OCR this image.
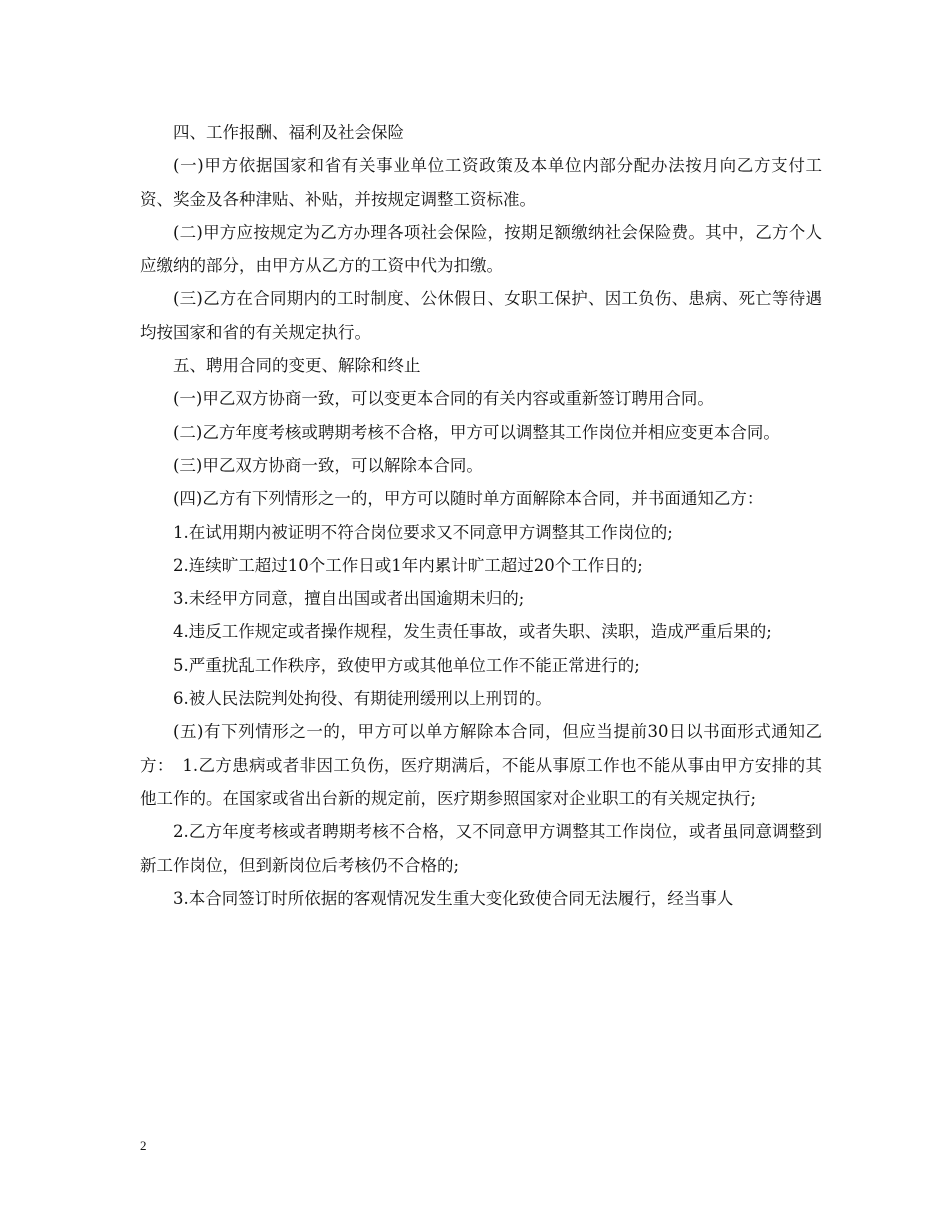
四、工作报酬、福利及社会保险

(一)甲方依据国家和省有关事业单位工资政策及本单位内部分配办法按月向乙方支付工资、奖金及各种津贴、补贴，并按规定调整工资标准。

(二)甲方应按规定为乙方办理各项社会保险，按期足额缴纳社会保险费。其中，乙方个人应缴纳的部分，由甲方从乙方的工资中代为扣缴。

(三)乙方在合同期内的工时制度、公休假日、女职工保护、因工负伤、患病、死亡等待遇均按国家和省的有关规定执行。

五、聘用合同的变更、解除和终止

(一)甲乙双方协商一致，可以变更本合同的有关内容或重新签订聘用合同。

(二)乙方年度考核或聘期考核不合格，甲方可以调整其工作岗位并相应变更本合同。

(三)甲乙双方协商一致，可以解除本合同。

(四)乙方有下列情形之一的，甲方可以随时单方面解除本合同，并书面通知乙方：

1.在试用期内被证明不符合岗位要求又不同意甲方调整其工作岗位的;

2.连续旷工超过10个工作日或1年内累计旷工超过20个工作日的;

3.未经甲方同意，擅自出国或者出国逾期未归的;

4.违反工作规定或者操作规程，发生责任事故，或者失职、渎职，造成严重后果的;

5.严重扰乱工作秩序，致使甲方或其他单位工作不能正常进行的;

6.被人民法院判处拘役、有期徒刑缓刑以上刑罚的。

(五)有下列情形之一的，甲方可以单方解除本合同，但应当提前30日以书面形式通知乙方：　1.乙方患病或者非因工负伤，医疗期满后，不能从事原工作也不能从事由甲方安排的其他工作的。在国家或省出台新的规定前，医疗期参照国家对企业职工的有关规定执行;

2.乙方年度考核或者聘期考核不合格，又不同意甲方调整其工作岗位，或者虽同意调整到新工作岗位，但到新岗位后考核仍不合格的;

3.本合同签订时所依据的客观情况发生重大变化致使合同无法履行，经当事人

2
